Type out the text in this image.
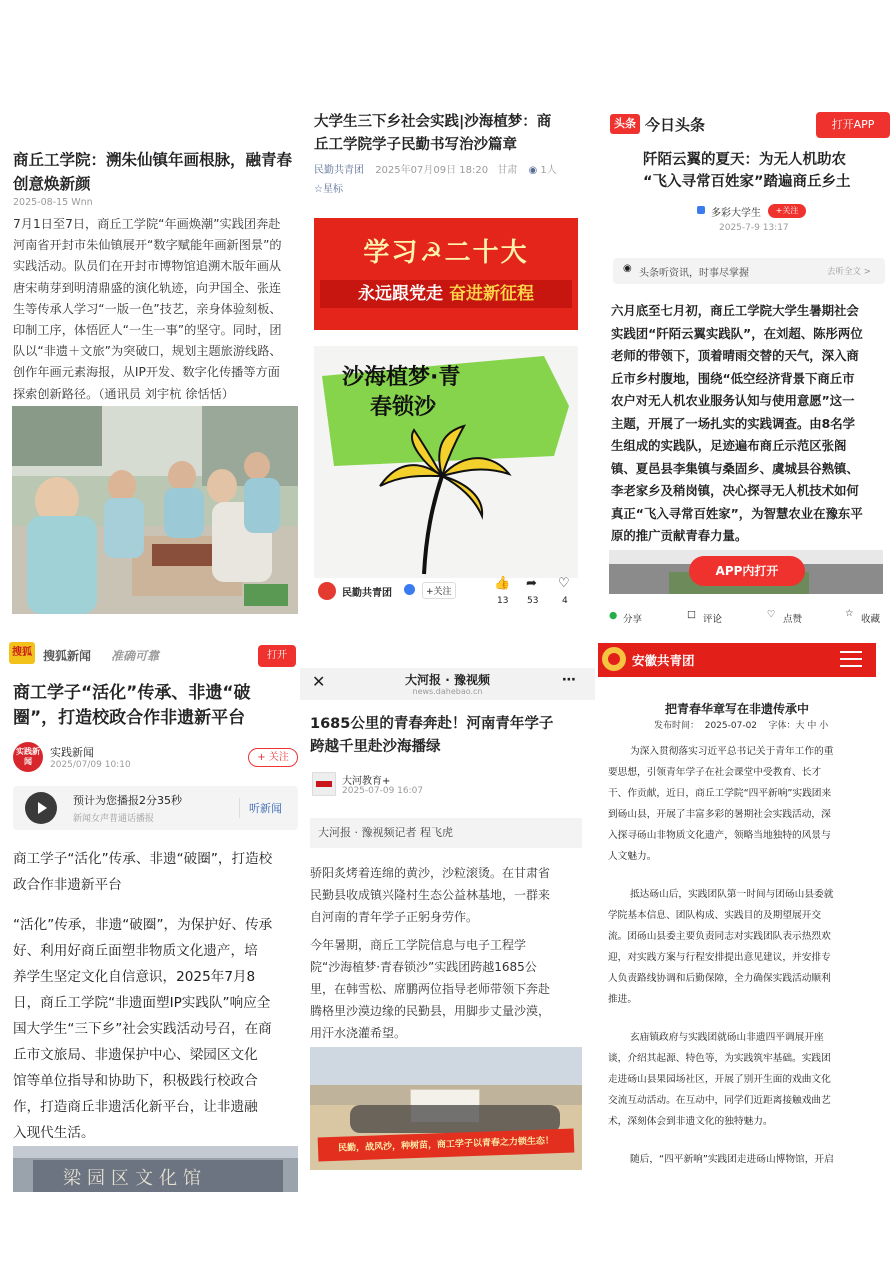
商丘工学院：溯朱仙镇年画根脉，融青春
创意焕新颜
2025-08-15 Wnn
7月1日至7日，商丘工学院“年画焕潮”实践团奔赴
河南省开封市朱仙镇展开“数字赋能年画新图景”的
实践活动。队员们在开封市博物馆追溯木版年画从
唐宋萌芽到明清鼎盛的演化轨迹，向尹国全、张连
生等传承人学习“一版一色”技艺，亲身体验刻板、
印制工序，体悟匠人“一生一事”的坚守。同时，团
队以“非遗＋文旅”为突破口，规划主题旅游线路、
创作年画元素海报，从IP开发、数字化传播等方面
探索创新路径。（通讯员 刘宇杭 徐恬恬）
大学生三下乡社会实践|沙海植梦：商
丘工学院学子民勤书写治沙篇章
民勤共青团 2025年07月09日 18:20 甘肃 ◉ 1人
☆星标
学习☭二十大
永远跟党走 奋进新征程
沙海植梦·青
春锁沙
民勤共青团	+关注
👍
13
➦
53
♡
4
头条 今日头条	打开APP
阡陌云翼的夏天：为无人机助农
“飞入寻常百姓家”踏遍商丘乡土
多彩大学生	+关注
2025-7-9 13:17
◉ 头条听资讯，时事尽掌握	去听全文 >
六月底至七月初，商丘工学院大学生暑期社会
实践团“阡陌云翼实践队”，在刘超、陈彤两位
老师的带领下，顶着晴雨交替的天气，深入商
丘市乡村腹地，围绕“低空经济背景下商丘市
农户对无人机农业服务认知与使用意愿”这一
主题，开展了一场扎实的实践调查。由8名学
生组成的实践队，足迹遍布商丘示范区张阁
镇、夏邑县李集镇与桑固乡、虞城县谷熟镇、
李老家乡及稍岗镇，决心探寻无人机技术如何
真正“飞入寻常百姓家”，为智慧农业在豫东平
原的推广贡献青春力量。
APP内打开
● 分享	□ 评论	♡ 点赞
☆
收藏
搜狐 搜狐新闻 准确可靠	打开
商工学子“活化”传承、非遗“破
圈”，打造校政合作非遗新平台
实践新闻
实践新闻
2025/07/09 10:10
+ 关注
预计为您播报2分35秒
新闻女声普通话播报
听新闻
商工学子“活化”传承、非遗“破圈”，打造校
政合作非遗新平台
“活化”传承，非遗“破圈”，为保护好、传承
好、利用好商丘面塑非物质文化遗产，培
养学生坚定文化自信意识，2025年7月8
日，商丘工学院“非遗面塑IP实践队”响应全
国大学生“三下乡”社会实践活动号召，在商
丘市文旅局、非遗保护中心、梁园区文化
馆等单位指导和协助下，积极践行校政合
作，打造商丘非遗活化新平台，让非遗融
入现代生活。
梁园区文化馆
✕	大河报 · 豫视频
news.dahebao.cn
⋯
1685公里的青春奔赴！河南青年学子
跨越千里赴沙海播绿
大河教育+
2025-07-09 16:07
大河报 · 豫视频记者 程飞虎
骄阳炙烤着连绵的黄沙，沙粒滚烫。在甘肃省
民勤县收成镇兴隆村生态公益林基地，一群来
自河南的青年学子正躬身劳作。
今年暑期，商丘工学院信息与电子工程学
院“沙海植梦·青春锁沙”实践团跨越1685公
里，在韩雪松、席鹏两位指导老师带领下奔赴
腾格里沙漠边缘的民勤县，用脚步丈量沙漠，
用汗水浇灌希望。
民勤，战风沙，种树苗，商工学子以青春之力锁生态！
安徽共青团
把青春华章写在非遗传承中
发布时间：  2025-07-02    字体：大 中 小
为深入贯彻落实习近平总书记关于青年工作的重
要思想，引领青年学子在社会课堂中受教育、长才
干、作贡献，近日，商丘工学院“四平新响”实践团来
到砀山县，开展了丰富多彩的暑期社会实践活动，深
入探寻砀山非物质文化遗产，领略当地独特的风景与
人文魅力。
抵达砀山后，实践团队第一时间与团砀山县委就
学院基本信息、团队构成、实践目的及期望展开交
流。团砀山县委主要负责同志对实践团队表示热烈欢
迎，对实践方案与行程安排提出意见建议，并安排专
人负责路线协调和后勤保障，全力确保实践活动顺利
推进。
玄庙镇政府与实践团就砀山非遗四平调展开座
谈，介绍其起源、特色等，为实践筑牢基础。实践团
走进砀山县果园场社区，开展了别开生面的戏曲文化
交流互动活动。在互动中，同学们近距离接触戏曲艺
术，深刻体会到非遗文化的独特魅力。
随后，“四平新响”实践团走进砀山博物馆，开启
